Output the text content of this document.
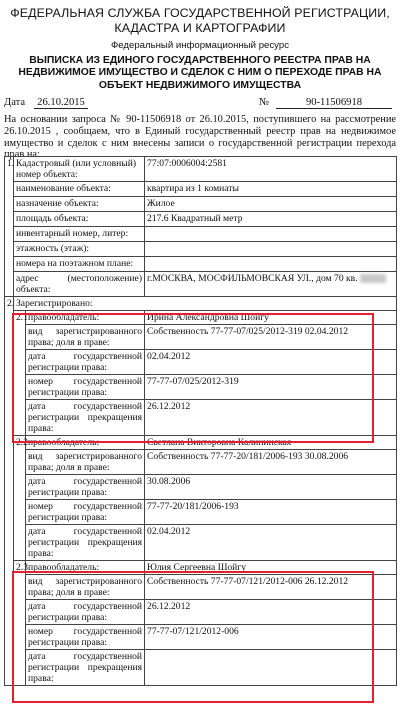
ФЕДЕРАЛЬНАЯ СЛУЖБА ГОСУДАРСТВЕННОЙ РЕГИСТРАЦИИ, КАДАСТРА И КАРТОГРАФИИ
Федеральный информационный ресурс
ВЫПИСКА ИЗ ЕДИНОГО ГОСУДАРСТВЕННОГО РЕЕСТРА ПРАВ НА НЕДВИЖИМОЕ ИМУЩЕСТВО И СДЕЛОК С НИМ О ПЕРЕХОДЕ ПРАВ НА ОБЪЕКТ НЕДВИЖИМОГО ИМУЩЕСТВА
Дата 26.10.2015	№	90-11506918
На основании запроса № 90-11506918 от 26.10.2015, поступившего на рассмотрение
26.10.2015 , сообщаем, что в Единый государственный реестр прав на недвижимое
имущество и сделок с ним внесены записи о государственной регистрации перехода прав на:
1.	Кадастровый (или условный) номер объекта:		77:07:0006004:2581
	наименование объекта:		квартира из 1 комнаты
	назначение объекта:		Жилое
	площадь объекта:		217.6 Квадратный метр
	инвентарный номер, литер:		
	этажность (этаж):		
	номера на поэтажном плане:		
	адрес (местоположение) объекта:		г.МОСКВА, МОСФИЛЬМОВСКАЯ УЛ., дом 70 кв.
2.	Зарегистрировано:		
	2.1	правообладатель:	Ирина Александровна Шойгу
		вид зарегистрированного права; доля в праве:	Собственность 77-77-07/025/2012-319 02.04.2012
		дата государственной регистрации права:	02.04.2012
		номер государственной регистрации права:	77-77-07/025/2012-319
		дата государственной регистрации прекращения права:	26.12.2012
	2.2	правообладатель:	Светлана Викторовна Калининская
		вид зарегистрированного права; доля в праве:	Собственность 77-77-20/181/2006-193 30.08.2006
		дата государственной регистрации права:	30.08.2006
		номер государственной регистрации права:	77-77-20/181/2006-193
		дата государственной регистрации прекращения права:	02.04.2012
	2.3	правообладатель:	Юлия Сергеевна Шойгу
		вид зарегистрированного права; доля в праве:	Собственность 77-77-07/121/2012-006 26.12.2012
		дата государственной регистрации права:	26.12.2012
		номер государственной регистрации права:	77-77-07/121/2012-006
		дата государственной регистрации прекращения права:	
